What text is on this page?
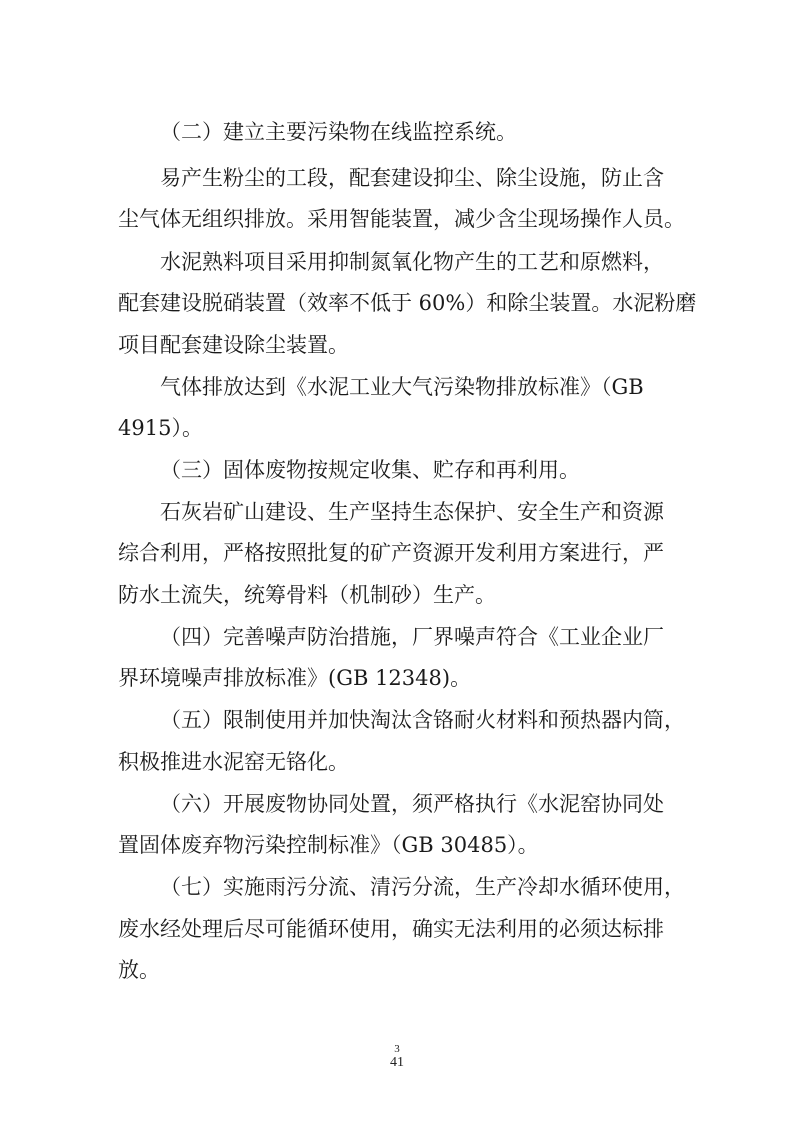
（二）建立主要污染物在线监控系统。

易产生粉尘的工段，配套建设抑尘、除尘设施，防止含

尘气体无组织排放。采用智能装置，减少含尘现场操作人员。

水泥熟料项目采用抑制氮氧化物产生的工艺和原燃料，

配套建设脱硝装置（效率不低于 60%）和除尘装置。水泥粉磨

项目配套建设除尘装置。

气体排放达到《水泥工业大气污染物排放标准》（GB

4915）。

（三）固体废物按规定收集、贮存和再利用。

石灰岩矿山建设、生产坚持生态保护、安全生产和资源

综合利用，严格按照批复的矿产资源开发利用方案进行，严

防水土流失，统筹骨料（机制砂）生产。

（四）完善噪声防治措施，厂界噪声符合《工业企业厂

界环境噪声排放标准》(GB 12348)。

（五）限制使用并加快淘汰含铬耐火材料和预热器内筒，

积极推进水泥窑无铬化。

（六）开展废物协同处置，须严格执行《水泥窑协同处

置固体废弃物污染控制标准》（GB 30485）。

（七）实施雨污分流、清污分流，生产冷却水循环使用，

废水经处理后尽可能循环使用，确实无法利用的必须达标排

放。

3
41
